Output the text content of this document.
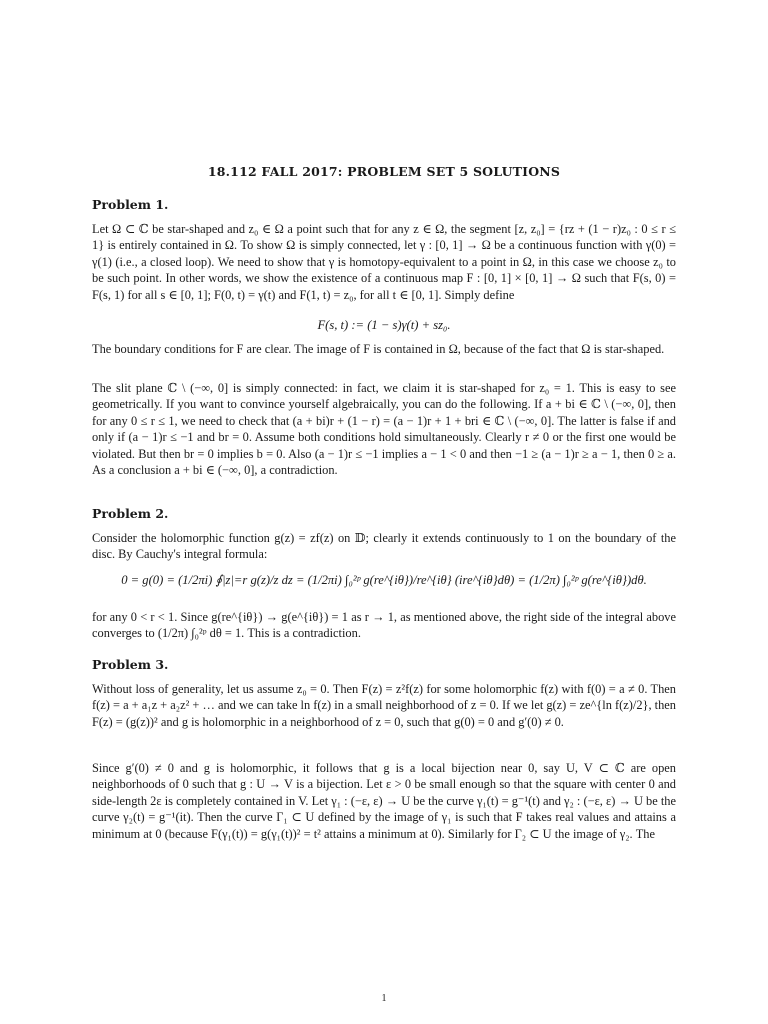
18.112 FALL 2017: PROBLEM SET 5 SOLUTIONS
Problem 1.
Let Ω ⊂ ℂ be star-shaped and z₀ ∈ Ω a point such that for any z ∈ Ω, the segment [z, z₀] = {rz + (1 − r)z₀ : 0 ≤ r ≤ 1} is entirely contained in Ω. To show Ω is simply connected, let γ : [0, 1] → Ω be a continuous function with γ(0) = γ(1) (i.e., a closed loop). We need to show that γ is homotopy-equivalent to a point in Ω, in this case we choose z₀ to be such point. In other words, we show the existence of a continuous map F : [0, 1] × [0, 1] → Ω such that F(s, 0) = F(s, 1) for all s ∈ [0, 1]; F(0, t) = γ(t) and F(1, t) = z₀, for all t ∈ [0, 1]. Simply define
F(s, t) := (1 − s)γ(t) + sz₀.
The boundary conditions for F are clear. The image of F is contained in Ω, because of the fact that Ω is star-shaped.
The slit plane ℂ \ (−∞, 0] is simply connected: in fact, we claim it is star-shaped for z₀ = 1. This is easy to see geometrically. If you want to convince yourself algebraically, you can do the following. If a + bi ∈ ℂ \ (−∞, 0], then for any 0 ≤ r ≤ 1, we need to check that (a + bi)r + (1 − r) = (a − 1)r + 1 + bri ∈ ℂ \ (−∞, 0]. The latter is false if and only if (a − 1)r ≤ −1 and br = 0. Assume both conditions hold simultaneously. Clearly r ≠ 0 or the first one would be violated. But then br = 0 implies b = 0. Also (a − 1)r ≤ −1 implies a − 1 < 0 and then −1 ≥ (a − 1)r ≥ a − 1, then 0 ≥ a. As a conclusion a + bi ∈ (−∞, 0], a contradiction.
Problem 2.
Consider the holomorphic function g(z) = zf(z) on 𝔻; clearly it extends continuously to 1 on the boundary of the disc. By Cauchy's integral formula:
0 = g(0) = (1/2πi) ∮|z|=r g(z)/z dz = (1/2πi) ∫₀²ᵖ g(re^{iθ})/re^{iθ} (ire^{iθ}dθ) = (1/2π) ∫₀²ᵖ g(re^{iθ})dθ.
for any 0 < r < 1. Since g(re^{iθ}) → g(e^{iθ}) = 1 as r → 1, as mentioned above, the right side of the integral above converges to (1/2π) ∫₀²ᵖ dθ = 1. This is a contradiction.
Problem 3.
Without loss of generality, let us assume z₀ = 0. Then F(z) = z²f(z) for some holomorphic f(z) with f(0) = a ≠ 0. Then f(z) = a + a₁z + a₂z² + … and we can take ln f(z) in a small neighborhood of z = 0. If we let g(z) = ze^{ln f(z)/2}, then F(z) = (g(z))² and g is holomorphic in a neighborhood of z = 0, such that g(0) = 0 and g′(0) ≠ 0.
Since g′(0) ≠ 0 and g is holomorphic, it follows that g is a local bijection near 0, say U, V ⊂ ℂ are open neighborhoods of 0 such that g : U → V is a bijection. Let ε > 0 be small enough so that the square with center 0 and side-length 2ε is completely contained in V. Let γ₁ : (−ε, ε) → U be the curve γ₁(t) = g⁻¹(t) and γ₂ : (−ε, ε) → U be the curve γ₂(t) = g⁻¹(it). Then the curve Γ₁ ⊂ U defined by the image of γ₁ is such that F takes real values and attains a minimum at 0 (because F(γ₁(t)) = g(γ₁(t))² = t² attains a minimum at 0). Similarly for Γ₂ ⊂ U the image of γ₂. The
1
